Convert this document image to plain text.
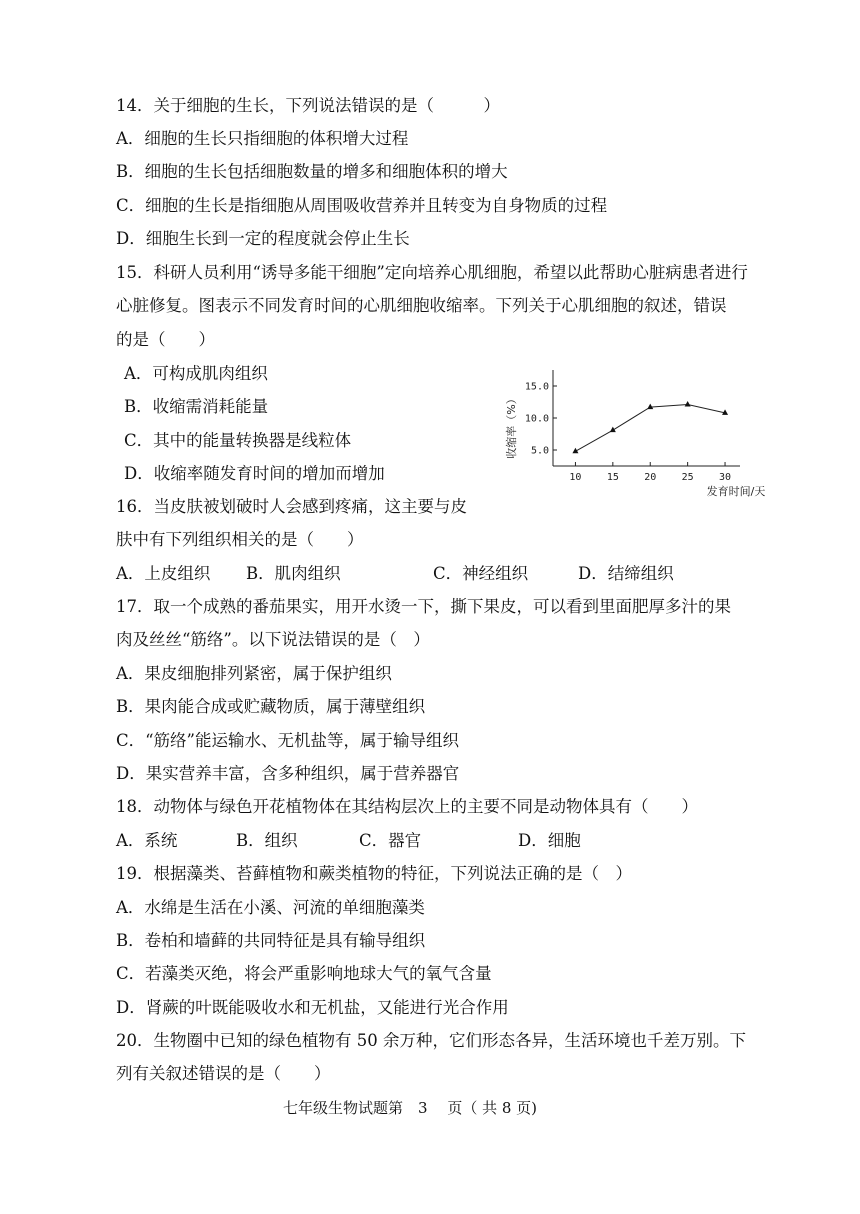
14．关于细胞的生长，下列说法错误的是（　　　）
A．细胞的生长只指细胞的体积增大过程
B．细胞的生长包括细胞数量的增多和细胞体积的增大
C．细胞的生长是指细胞从周围吸收营养并且转变为自身物质的过程
D．细胞生长到一定的程度就会停止生长
15．科研人员利用“诱导多能干细胞”定向培养心肌细胞，希望以此帮助心脏病患者进行
心脏修复。图表示不同发育时间的心肌细胞收缩率。下列关于心肌细胞的叙述，错误
的是（　　）
A．可构成肌肉组织
B．收缩需消耗能量
C．其中的能量转换器是线粒体
D．收缩率随发育时间的增加而增加
5.0
10.0
15.0
10	15	20	25	30
收缩率（%）
发育时间/天
16．当皮肤被划破时人会感到疼痛，这主要与皮
肤中有下列组织相关的是（　　）
A．上皮组织 B．肌肉组织	C．神经组织	D．结缔组织
17．取一个成熟的番茄果实，用开水烫一下，撕下果皮，可以看到里面肥厚多汁的果
肉及丝丝“筋络”。以下说法错误的是（　）
A．果皮细胞排列紧密，属于保护组织
B．果肉能合成或贮藏物质，属于薄壁组织
C．“筋络”能运输水、无机盐等，属于输导组织
D．果实营养丰富，含多种组织，属于营养器官
18．动物体与绿色开花植物体在其结构层次上的主要不同是动物体具有（　　）
A．系统	B．组织	C．器官	D．细胞
19．根据藻类、苔藓植物和蕨类植物的特征，下列说法正确的是（　）
A．水绵是生活在小溪、河流的单细胞藻类
B．卷柏和墙藓的共同特征是具有输导组织
C．若藻类灭绝，将会严重影响地球大气的氧气含量
D．肾蕨的叶既能吸收水和无机盐，又能进行光合作用
20．生物圈中已知的绿色植物有 50 余万种，它们形态各异，生活环境也千差万别。下
列有关叙述错误的是（　　）
七年级生物试题第　3　 页（ 共 8 页)
